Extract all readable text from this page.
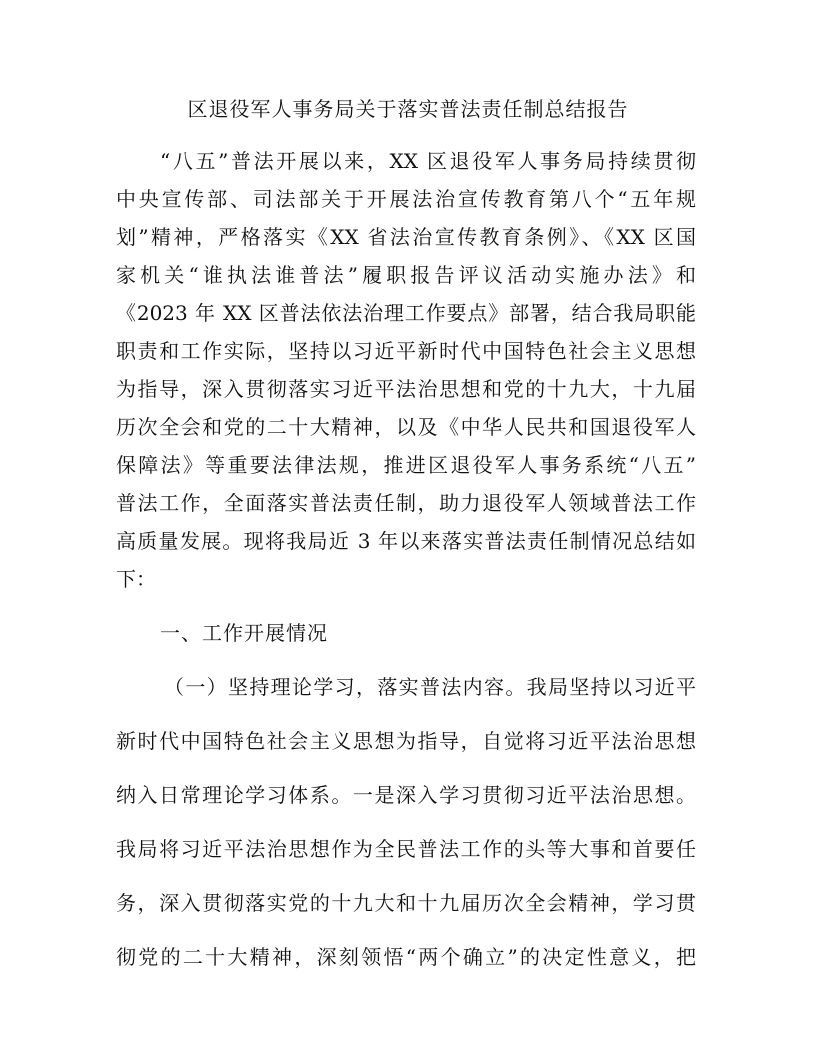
区退役军人事务局关于落实普法责任制总结报告
“八五”普法开展以来，XX 区退役军人事务局持续贯彻
中央宣传部、司法部关于开展法治宣传教育第八个“五年规
划”精神，严格落实《XX 省法治宣传教育条例》、《XX 区国
家机关“谁执法谁普法”履职报告评议活动实施办法》和
《2023 年 XX 区普法依法治理工作要点》部署，结合我局职能
职责和工作实际，坚持以习近平新时代中国特色社会主义思想
为指导，深入贯彻落实习近平法治思想和党的十九大，十九届
历次全会和党的二十大精神，以及《中华人民共和国退役军人
保障法》等重要法律法规，推进区退役军人事务系统“八五”
普法工作，全面落实普法责任制，助力退役军人领域普法工作
高质量发展。现将我局近 3 年以来落实普法责任制情况总结如
下：
一、工作开展情况
（一）坚持理论学习，落实普法内容。我局坚持以习近平
新时代中国特色社会主义思想为指导，自觉将习近平法治思想
纳入日常理论学习体系。一是深入学习贯彻习近平法治思想。
我局将习近平法治思想作为全民普法工作的头等大事和首要任
务，深入贯彻落实党的十九大和十九届历次全会精神，学习贯
彻党的二十大精神，深刻领悟“两个确立”的决定性意义，把
